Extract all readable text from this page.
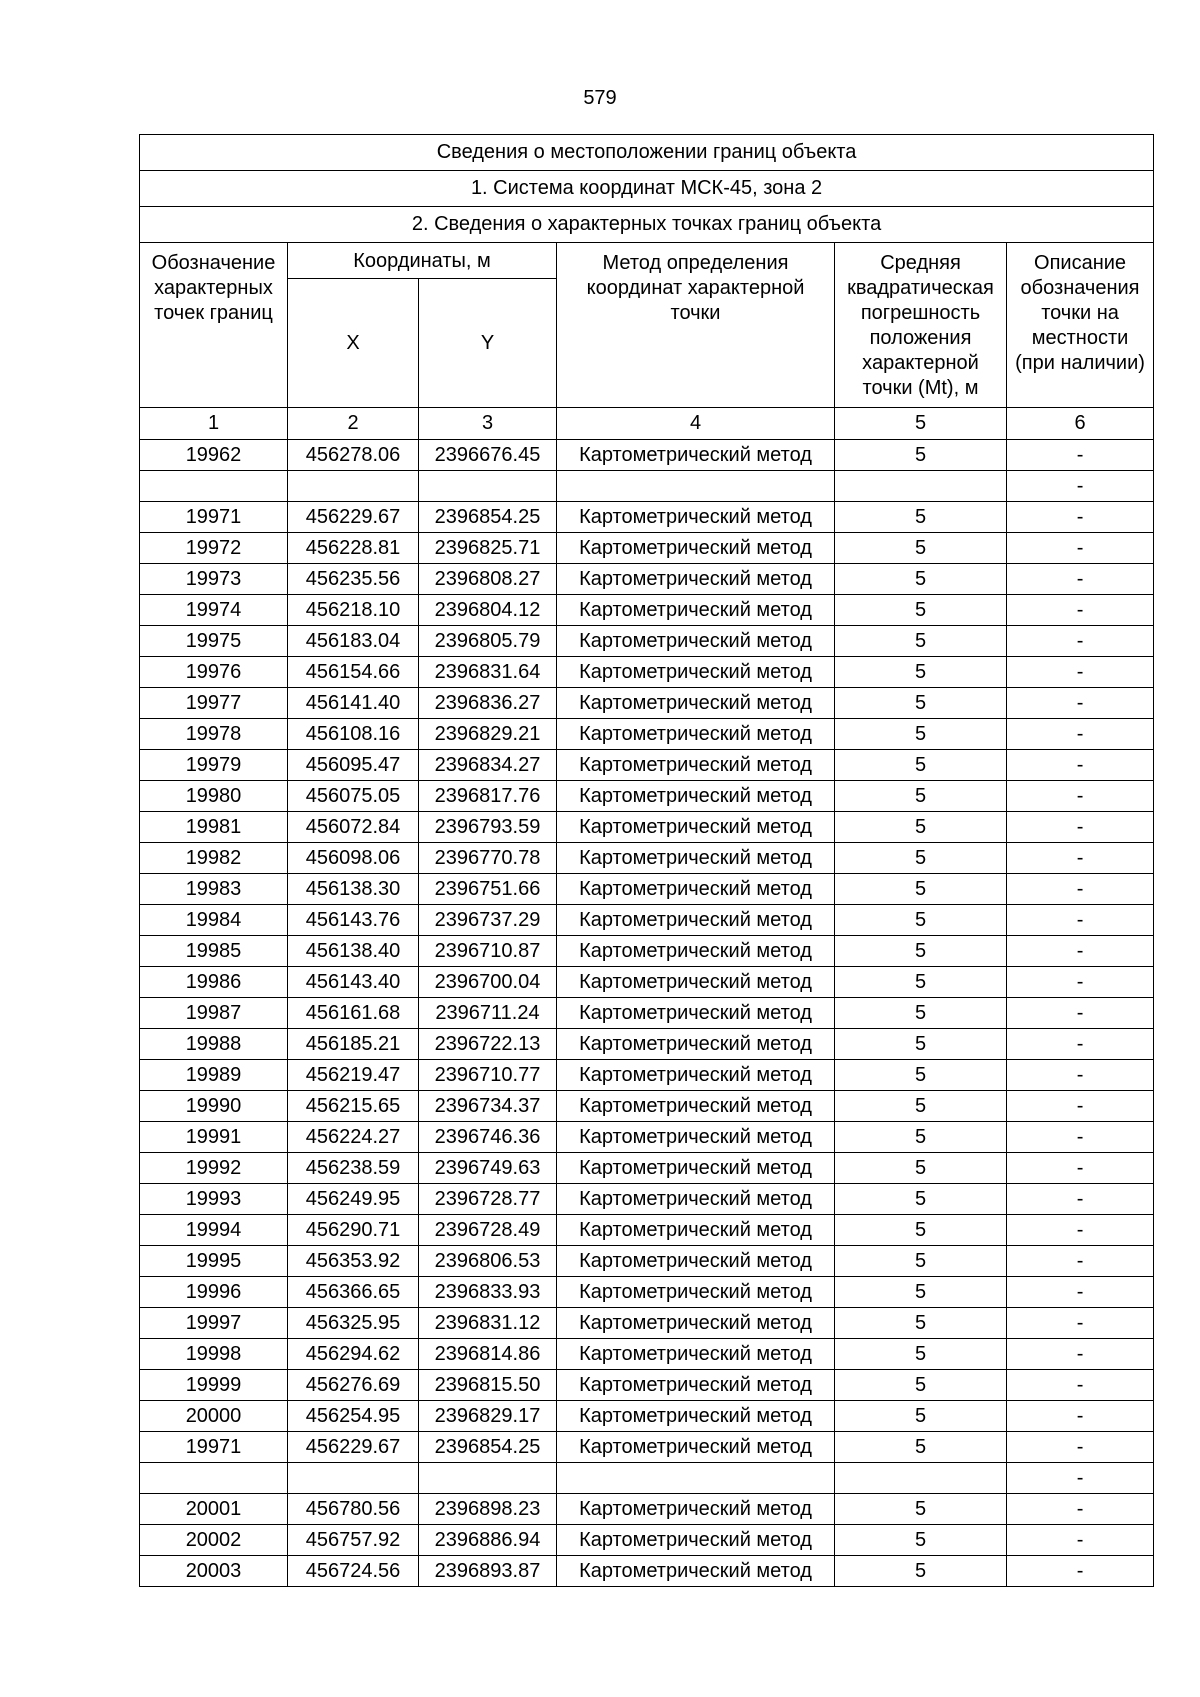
579
Сведения о местоположении границ объекта					
1. Система координат МСК-45, зона 2					
2. Сведения о характерных точках границ объекта					
Обозначение характерных точек границ	Координаты, м		Метод определения координат характерной точки	Средняя квадратическая погрешность положения характерной точки (Mt), м	Описание обозначения точки на местности (при наличии)
	X	Y			
1	2	3	4	5	6
19962	456278.06	2396676.45	Картометрический метод	5	-
					-
19971	456229.67	2396854.25	Картометрический метод	5	-
19972	456228.81	2396825.71	Картометрический метод	5	-
19973	456235.56	2396808.27	Картометрический метод	5	-
19974	456218.10	2396804.12	Картометрический метод	5	-
19975	456183.04	2396805.79	Картометрический метод	5	-
19976	456154.66	2396831.64	Картометрический метод	5	-
19977	456141.40	2396836.27	Картометрический метод	5	-
19978	456108.16	2396829.21	Картометрический метод	5	-
19979	456095.47	2396834.27	Картометрический метод	5	-
19980	456075.05	2396817.76	Картометрический метод	5	-
19981	456072.84	2396793.59	Картометрический метод	5	-
19982	456098.06	2396770.78	Картометрический метод	5	-
19983	456138.30	2396751.66	Картометрический метод	5	-
19984	456143.76	2396737.29	Картометрический метод	5	-
19985	456138.40	2396710.87	Картометрический метод	5	-
19986	456143.40	2396700.04	Картометрический метод	5	-
19987	456161.68	2396711.24	Картометрический метод	5	-
19988	456185.21	2396722.13	Картометрический метод	5	-
19989	456219.47	2396710.77	Картометрический метод	5	-
19990	456215.65	2396734.37	Картометрический метод	5	-
19991	456224.27	2396746.36	Картометрический метод	5	-
19992	456238.59	2396749.63	Картометрический метод	5	-
19993	456249.95	2396728.77	Картометрический метод	5	-
19994	456290.71	2396728.49	Картометрический метод	5	-
19995	456353.92	2396806.53	Картометрический метод	5	-
19996	456366.65	2396833.93	Картометрический метод	5	-
19997	456325.95	2396831.12	Картометрический метод	5	-
19998	456294.62	2396814.86	Картометрический метод	5	-
19999	456276.69	2396815.50	Картометрический метод	5	-
20000	456254.95	2396829.17	Картометрический метод	5	-
19971	456229.67	2396854.25	Картометрический метод	5	-
					-
20001	456780.56	2396898.23	Картометрический метод	5	-
20002	456757.92	2396886.94	Картометрический метод	5	-
20003	456724.56	2396893.87	Картометрический метод	5	-
